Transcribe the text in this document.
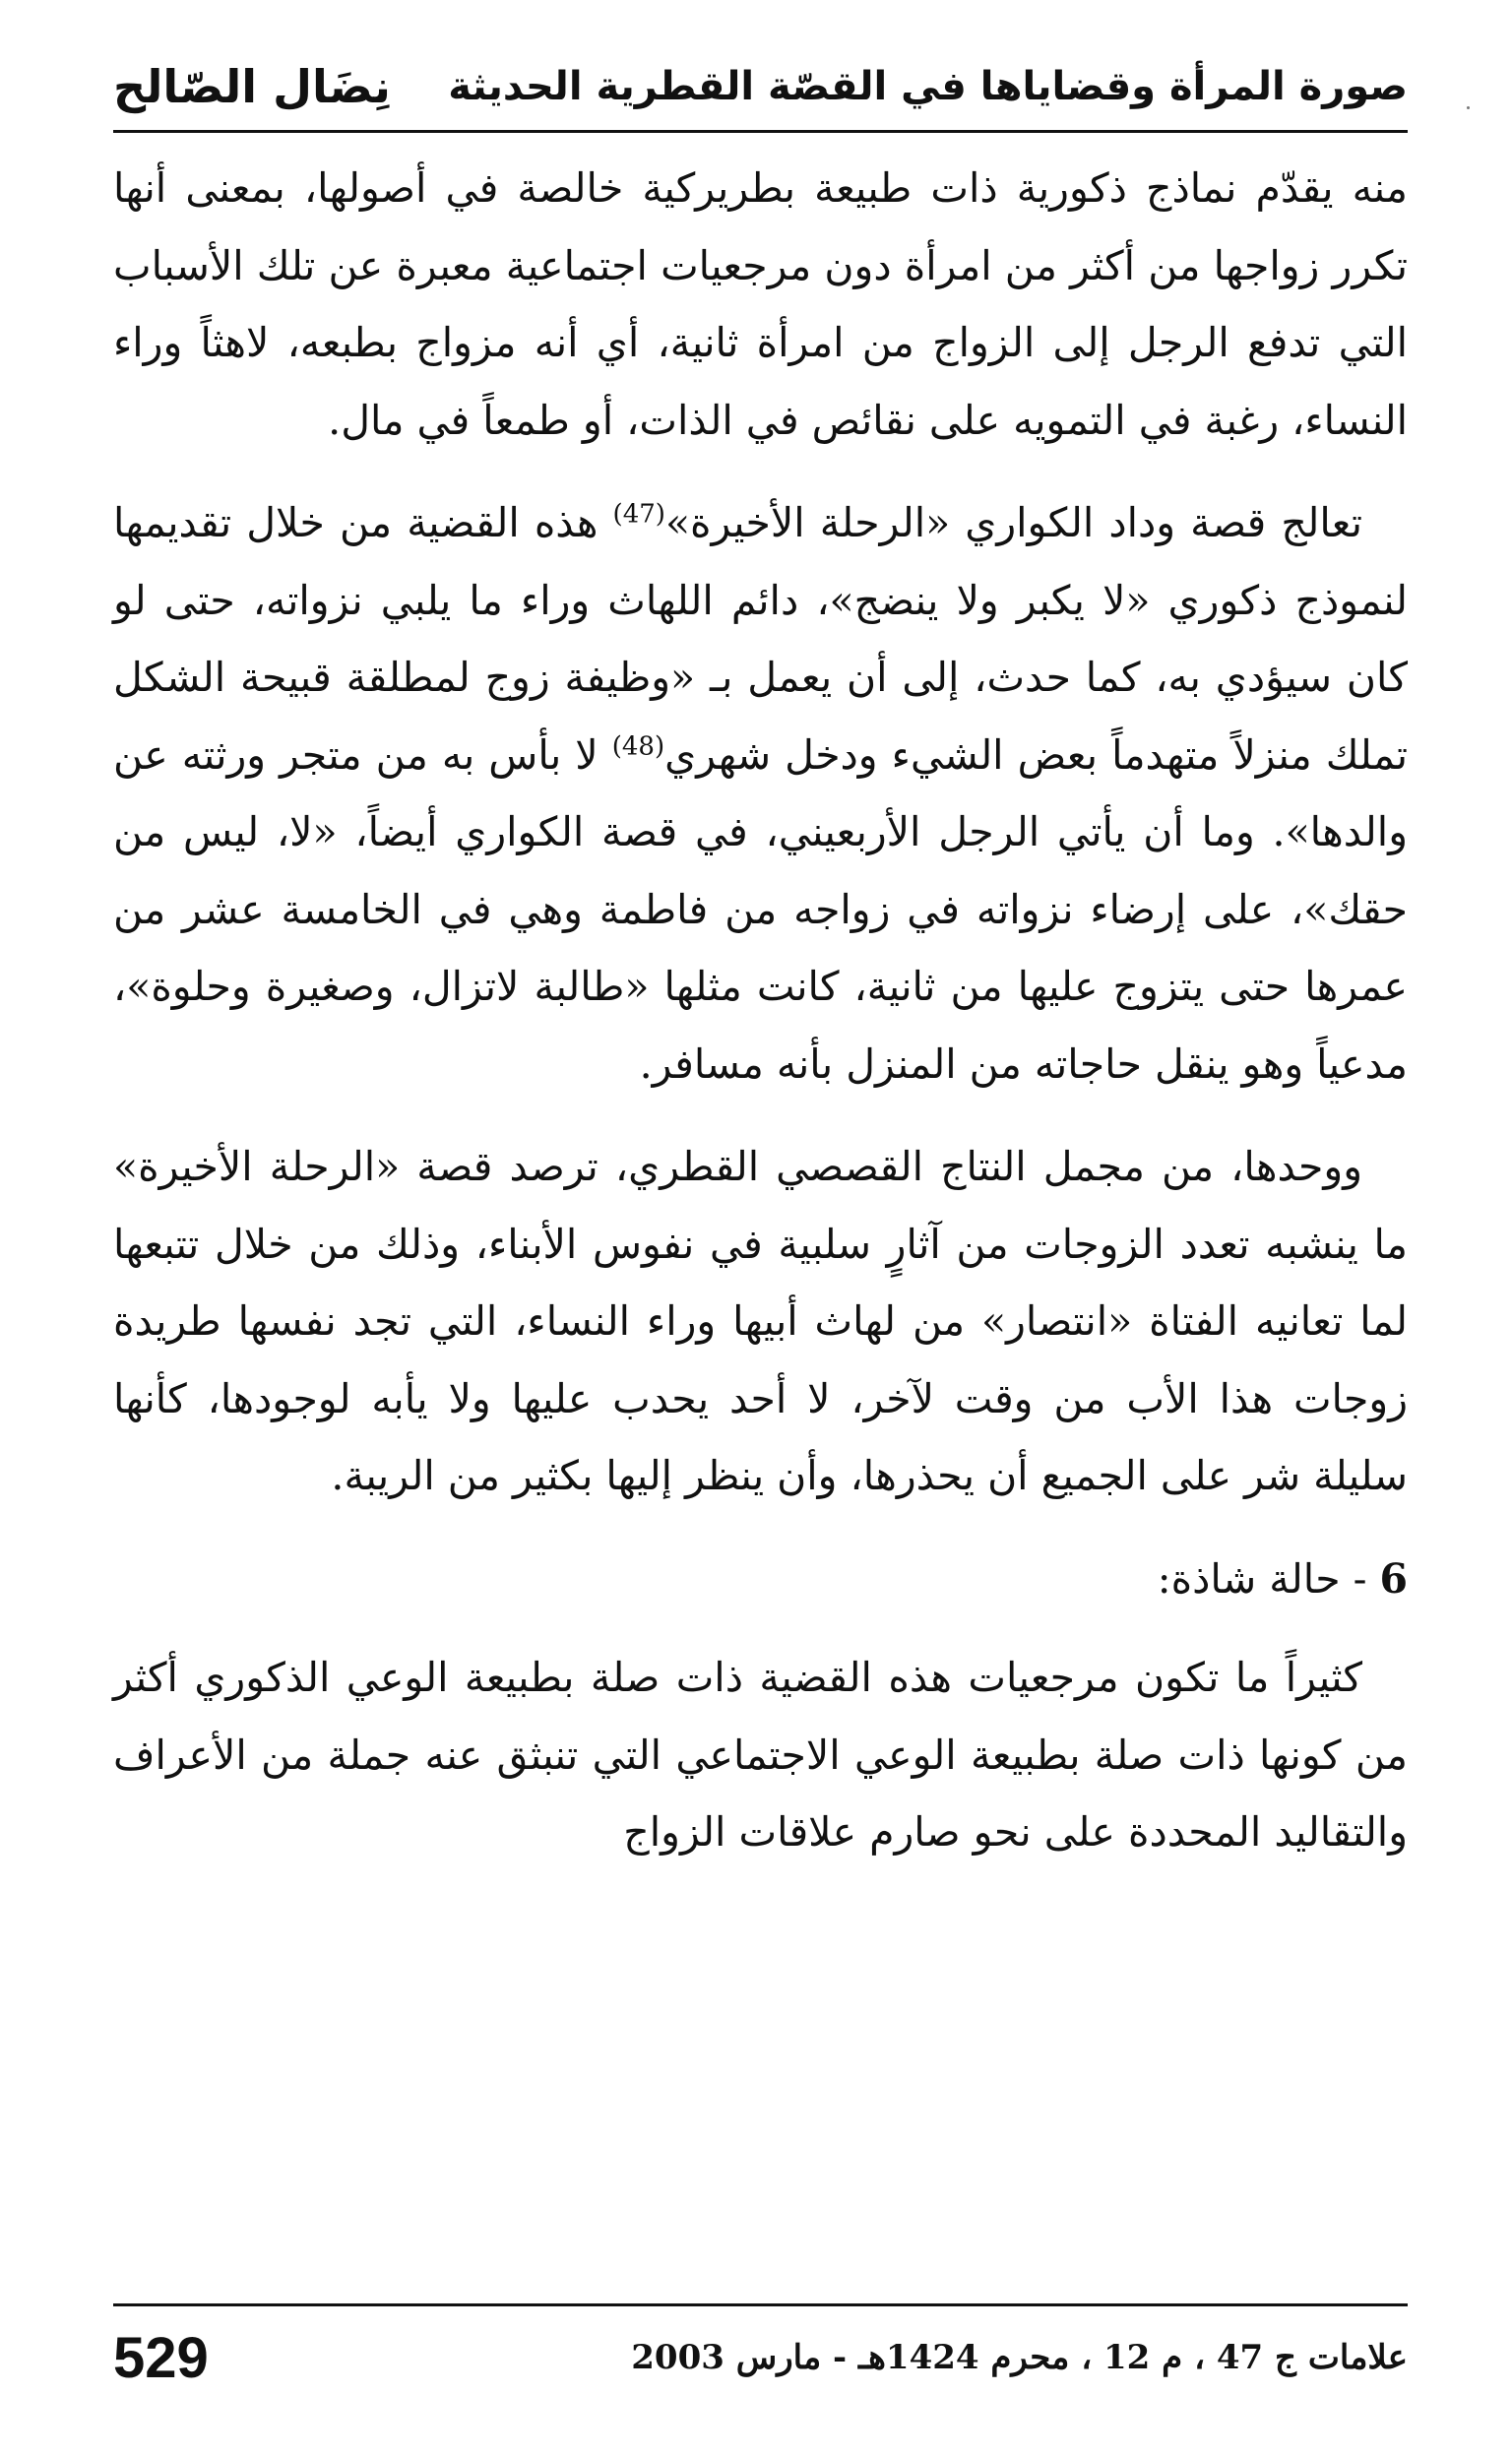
صورة المرأة وقضاياها في القصّة القطرية الحديثة
نِضَال الصّالح

منه يقدّم نماذج ذكورية ذات طبيعة بطريركية خالصة في أصولها، بمعنى أنها تكرر زواجها من أكثر من امرأة دون مرجعيات اجتماعية معبرة عن تلك الأسباب التي تدفع الرجل إلى الزواج من امرأة ثانية، أي أنه مزواج بطبعه، لاهثاً وراء النساء، رغبة في التمويه على نقائص في الذات، أو طمعاً في مال.

تعالج قصة وداد الكواري «الرحلة الأخيرة»$^{(47)}$ هذه القضية من خلال تقديمها لنموذج ذكوري «لا يكبر ولا ينضج»، دائم اللهاث وراء ما يلبي نزواته، حتى لو كان سيؤدي به، كما حدث، إلى أن يعمل بـ «وظيفة زوج لمطلقة قبيحة الشكل تملك منزلاً متهدماً بعض الشيء ودخل شهري$^{(48)}$ لا بأس به من متجر ورثته عن والدها». وما أن يأتي الرجل الأربعيني، في قصة الكواري أيضاً، «لا، ليس من حقك»، على إرضاء نزواته في زواجه من فاطمة وهي في الخامسة عشر من عمرها حتى يتزوج عليها من ثانية، كانت مثلها «طالبة لاتزال، وصغيرة وحلوة»، مدعياً وهو ينقل حاجاته من المنزل بأنه مسافر.

ووحدها، من مجمل النتاج القصصي القطري، ترصد قصة «الرحلة الأخيرة» ما ينشبه تعدد الزوجات من آثارٍ سلبية في نفوس الأبناء، وذلك من خلال تتبعها لما تعانيه الفتاة «انتصار» من لهاث أبيها وراء النساء، التي تجد نفسها طريدة زوجات هذا الأب من وقت لآخر، لا أحد يحدب عليها ولا يأبه لوجودها، كأنها سليلة شر على الجميع أن يحذرها، وأن ينظر إليها بكثير من الريبة.

6 - حالة شاذة:

كثيراً ما تكون مرجعيات هذه القضية ذات صلة بطبيعة الوعي الذكوري أكثر من كونها ذات صلة بطبيعة الوعي الاجتماعي التي تنبثق عنه جملة من الأعراف والتقاليد المحددة على نحو صارم علاقات الزواج

علامات ج 47 ، م 12 ، محرم 1424هـ - مارس 2003
529
